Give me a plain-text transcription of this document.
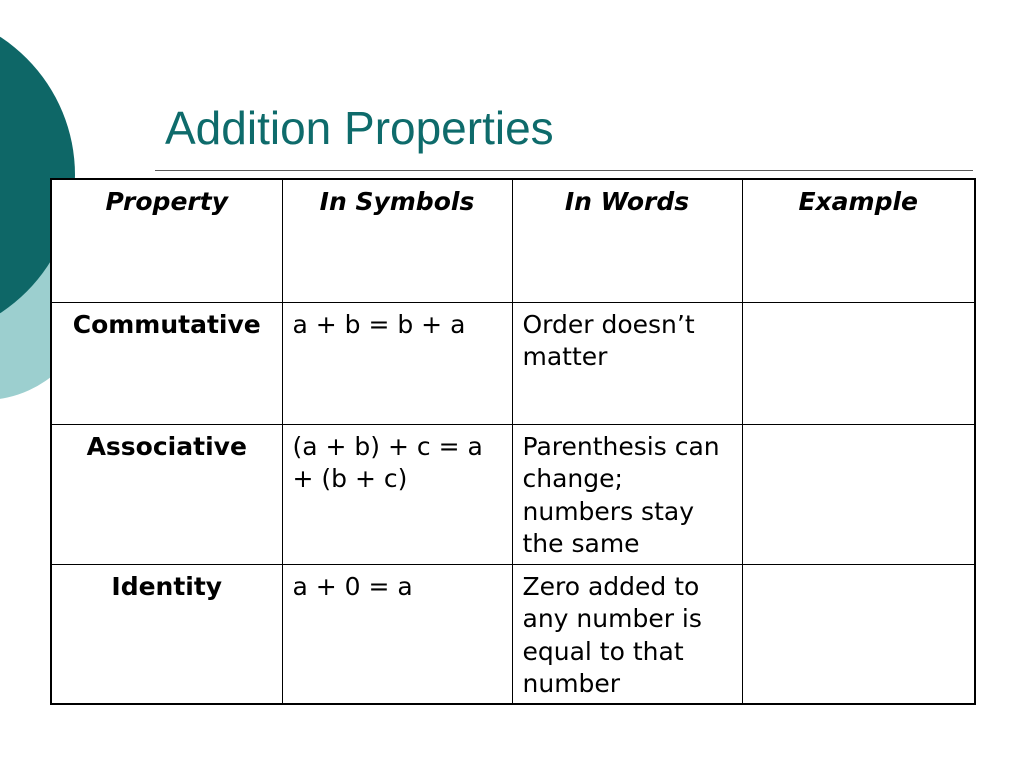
Addition Properties
Property	In Symbols	In Words	Example
Commutative	a + b = b + a	Order doesn’t matter	
Associative	(a + b) + c = a + (b + c)	Parenthesis can change; numbers stay the same	
Identity	a + 0 = a	Zero added to any number is equal to that number	
